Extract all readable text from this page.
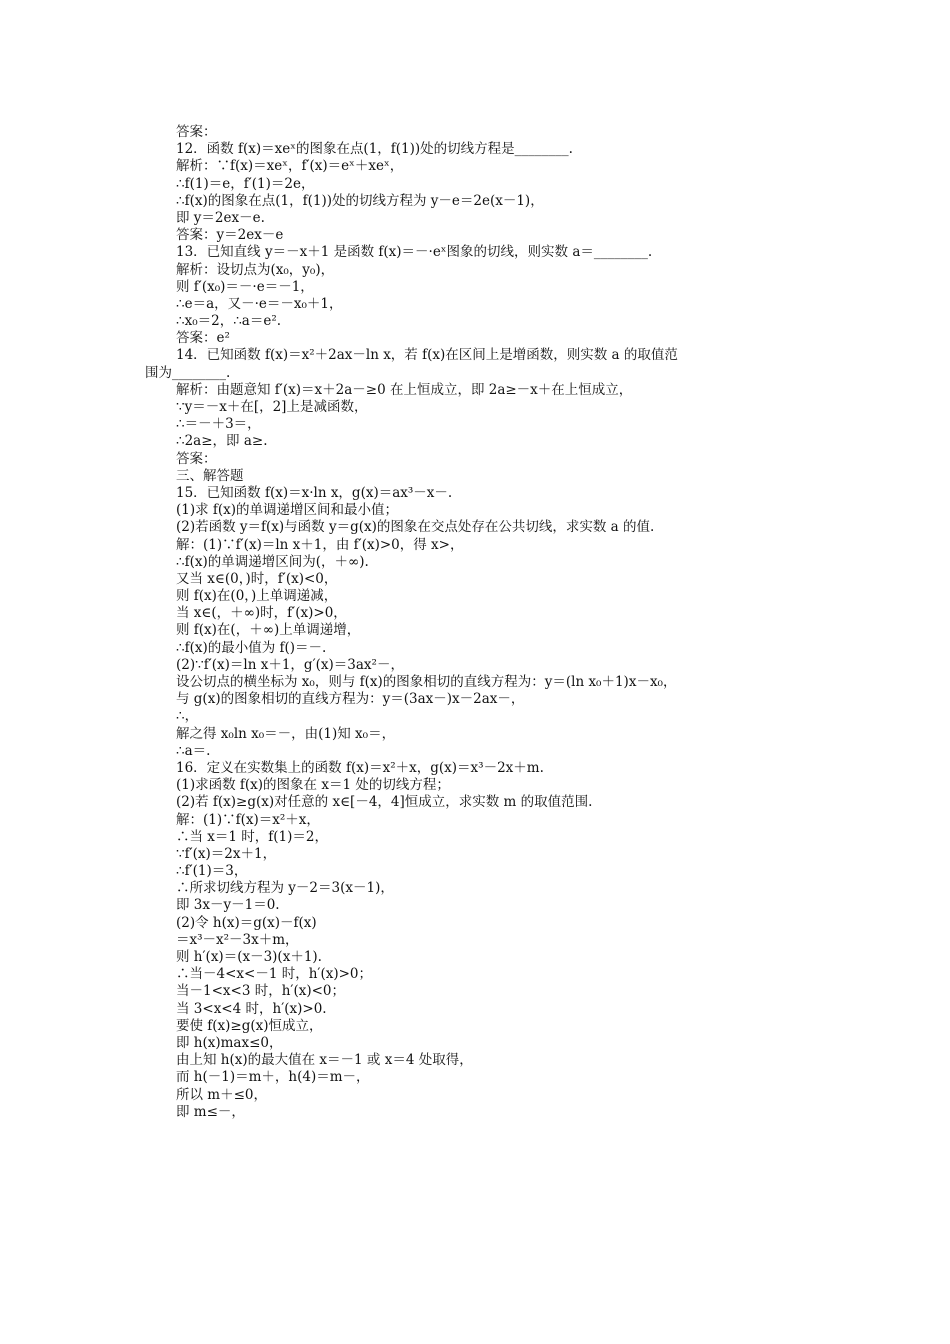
答案：
12．函数 f(x)＝xeˣ的图象在点(1，f(1))处的切线方程是________.
解析：∵f(x)＝xeˣ，f′(x)＝eˣ＋xeˣ，
∴f(1)＝e，f′(1)＝2e，
∴f(x)的图象在点(1，f(1))处的切线方程为 y－e＝2e(x－1)，
即 y＝2ex－e.
答案：y＝2ex－e
13．已知直线 y＝－x＋1 是函数 f(x)＝－·eˣ图象的切线，则实数 a＝________.
解析：设切点为(x₀，y₀)，
则 f′(x₀)＝－·e＝－1，
∴e＝a，又－·e＝－x₀＋1，
∴x₀＝2，∴a＝e².
答案：e²
14．已知函数 f(x)＝x²＋2ax－ln x，若 f(x)在区间上是增函数，则实数 a 的取值范
围为________.
解析：由题意知 f′(x)＝x＋2a－≥0 在上恒成立，即 2a≥－x＋在上恒成立，
∵y＝－x＋在[，2]上是减函数，
∴＝－＋3＝，
∴2a≥，即 a≥.
答案：
三、解答题
15．已知函数 f(x)＝x·ln x，g(x)＝ax³－x－.
(1)求 f(x)的单调递增区间和最小值；
(2)若函数 y＝f(x)与函数 y＝g(x)的图象在交点处存在公共切线，求实数 a 的值.
解：(1)∵f′(x)＝ln x＋1，由 f′(x)>0，得 x>，
∴f(x)的单调递增区间为(，＋∞).
又当 x∈(0，)时，f′(x)<0，
则 f(x)在(0，)上单调递减，
当 x∈(，＋∞)时，f′(x)>0，
则 f(x)在(，＋∞)上单调递增，
∴f(x)的最小值为 f()＝－.
(2)∵f′(x)＝ln x＋1，g′(x)＝3ax²－，
设公切点的横坐标为 x₀，则与 f(x)的图象相切的直线方程为：y＝(ln x₀＋1)x－x₀，
与 g(x)的图象相切的直线方程为：y＝(3ax－)x－2ax－，
∴，
解之得 x₀ln x₀＝－，由(1)知 x₀＝，
∴a＝.
16．定义在实数集上的函数 f(x)＝x²＋x，g(x)＝x³－2x＋m.
(1)求函数 f(x)的图象在 x＝1 处的切线方程；
(2)若 f(x)≥g(x)对任意的 x∈[－4，4]恒成立，求实数 m 的取值范围.
解：(1)∵f(x)＝x²＋x，
∴当 x＝1 时，f(1)＝2，
∵f′(x)＝2x＋1，
∴f′(1)＝3，
∴所求切线方程为 y－2＝3(x－1)，
即 3x－y－1＝0.
(2)令 h(x)＝g(x)－f(x)
＝x³－x²－3x＋m，
则 h′(x)＝(x－3)(x＋1).
∴当－4<x<－1 时，h′(x)>0；
当－1<x<3 时，h′(x)<0；
当 3<x<4 时，h′(x)>0.
要使 f(x)≥g(x)恒成立，
即 h(x)max≤0，
由上知 h(x)的最大值在 x＝－1 或 x＝4 处取得，
而 h(－1)＝m＋，h(4)＝m－，
所以 m＋≤0，
即 m≤－，
